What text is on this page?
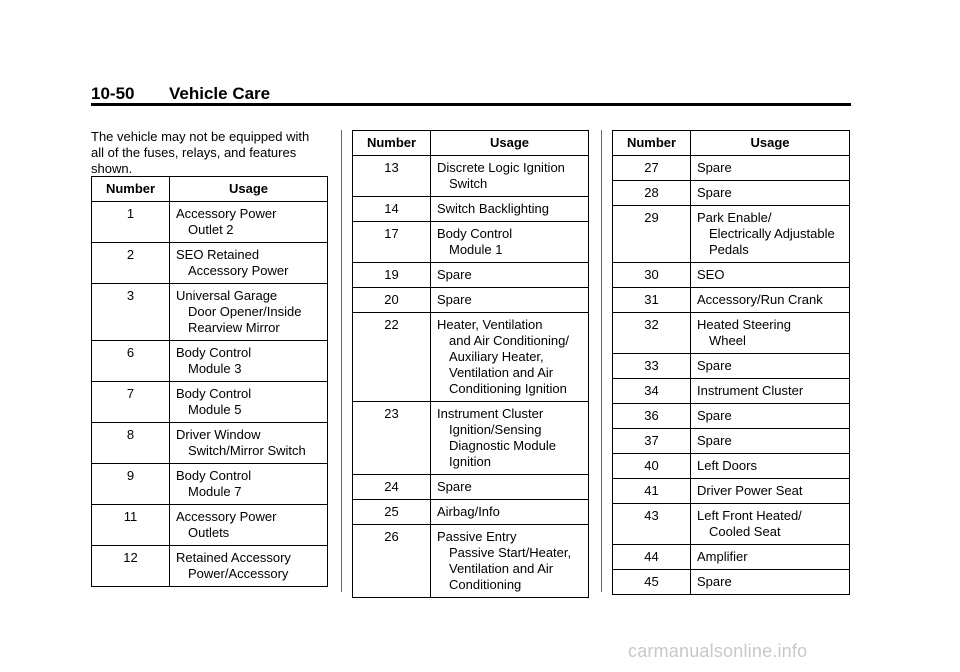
10-50 Vehicle Care
The vehicle may not be equipped with all of the fuses, relays, and features shown.
Number	Usage
1	Accessory Power
Outlet 2

2	SEO Retained
Accessory Power

3	Universal Garage
Door Opener/Inside
Rearview Mirror

6	Body Control
Module 3

7	Body Control
Module 5

8	Driver Window
Switch/Mirror Switch

9	Body Control
Module 7

11	Accessory Power
Outlets

12	Retained Accessory
Power/Accessory
Number	Usage
13	Discrete Logic Ignition
Switch

14	Switch Backlighting

17	Body Control
Module 1

19	Spare

20	Spare

22	Heater, Ventilation
and Air Conditioning/
Auxiliary Heater,
Ventilation and Air
Conditioning Ignition

23	Instrument Cluster
Ignition/Sensing
Diagnostic Module
Ignition

24	Spare

25	Airbag/Info

26	Passive Entry
Passive Start/Heater,
Ventilation and Air
Conditioning
Number	Usage
27	Spare

28	Spare

29	Park Enable/
Electrically Adjustable
Pedals

30	SEO

31	Accessory/Run Crank

32	Heated Steering
Wheel

33	Spare

34	Instrument Cluster

36	Spare

37	Spare

40	Left Doors

41	Driver Power Seat

43	Left Front Heated/
Cooled Seat

44	Amplifier

45	Spare
carmanualsonline.info
